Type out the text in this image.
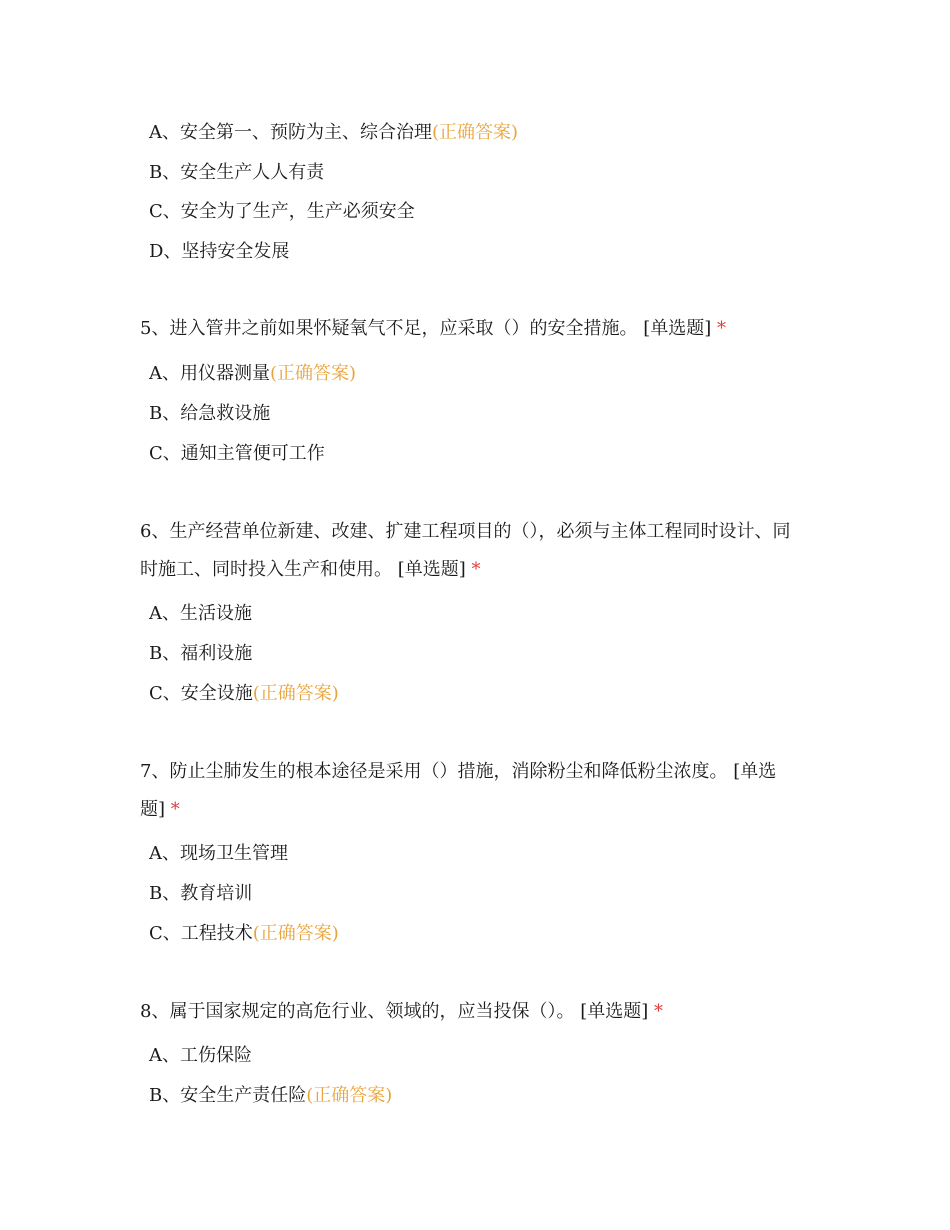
A、安全第一、预防为主、综合治理(正确答案)
B、安全生产人人有责
C、安全为了生产，生产必须安全
D、坚持安全发展
5、进入管井之前如果怀疑氧气不足，应采取（）的安全措施。 [单选题] *
A、用仪器测量(正确答案)
B、给急救设施
C、通知主管便可工作
6、生产经营单位新建、改建、扩建工程项目的（），必须与主体工程同时设计、同时施工、同时投入生产和使用。 [单选题] *
A、生活设施
B、福利设施
C、安全设施(正确答案)
7、防止尘肺发生的根本途径是采用（）措施，消除粉尘和降低粉尘浓度。 [单选题] *
A、现场卫生管理
B、教育培训
C、工程技术(正确答案)
8、属于国家规定的高危行业、领域的，应当投保（）。 [单选题] *
A、工伤保险
B、安全生产责任险(正确答案)
